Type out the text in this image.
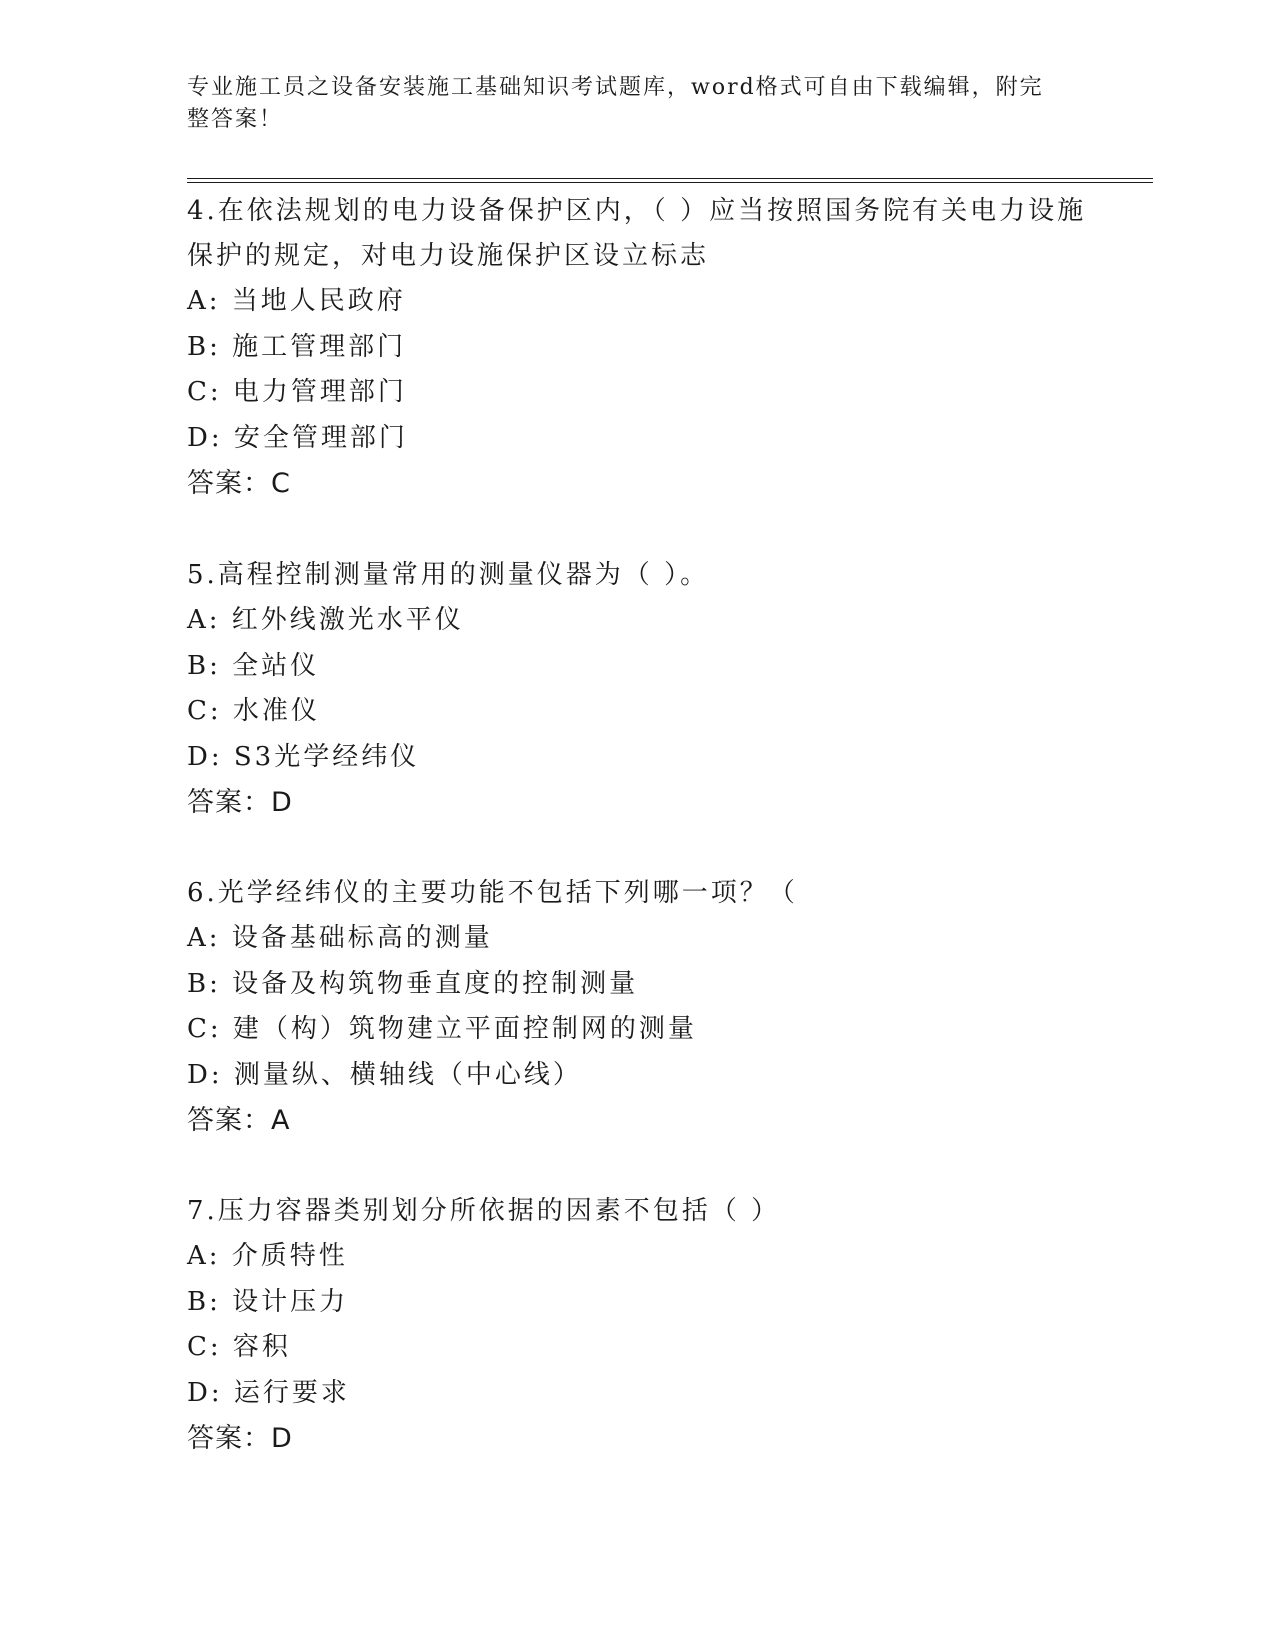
专业施工员之设备安装施工基础知识考试题库，word格式可自由下载编辑，附完整答案！
4.在依法规划的电力设备保护区内，（ ）应当按照国务院有关电力设施保护的规定，对电力设施保护区设立标志
A: 当地人民政府
B: 施工管理部门
C: 电力管理部门
D: 安全管理部门
答案：C
5.高程控制测量常用的测量仪器为（ ）。
A: 红外线激光水平仪
B: 全站仪
C: 水准仪
D: S3光学经纬仪
答案：D
6.光学经纬仪的主要功能不包括下列哪一项？（
A: 设备基础标高的测量
B: 设备及构筑物垂直度的控制测量
C: 建（构）筑物建立平面控制网的测量
D: 测量纵、横轴线（中心线）
答案：A
7.压力容器类别划分所依据的因素不包括（ ）
A: 介质特性
B: 设计压力
C: 容积
D: 运行要求
答案：D
